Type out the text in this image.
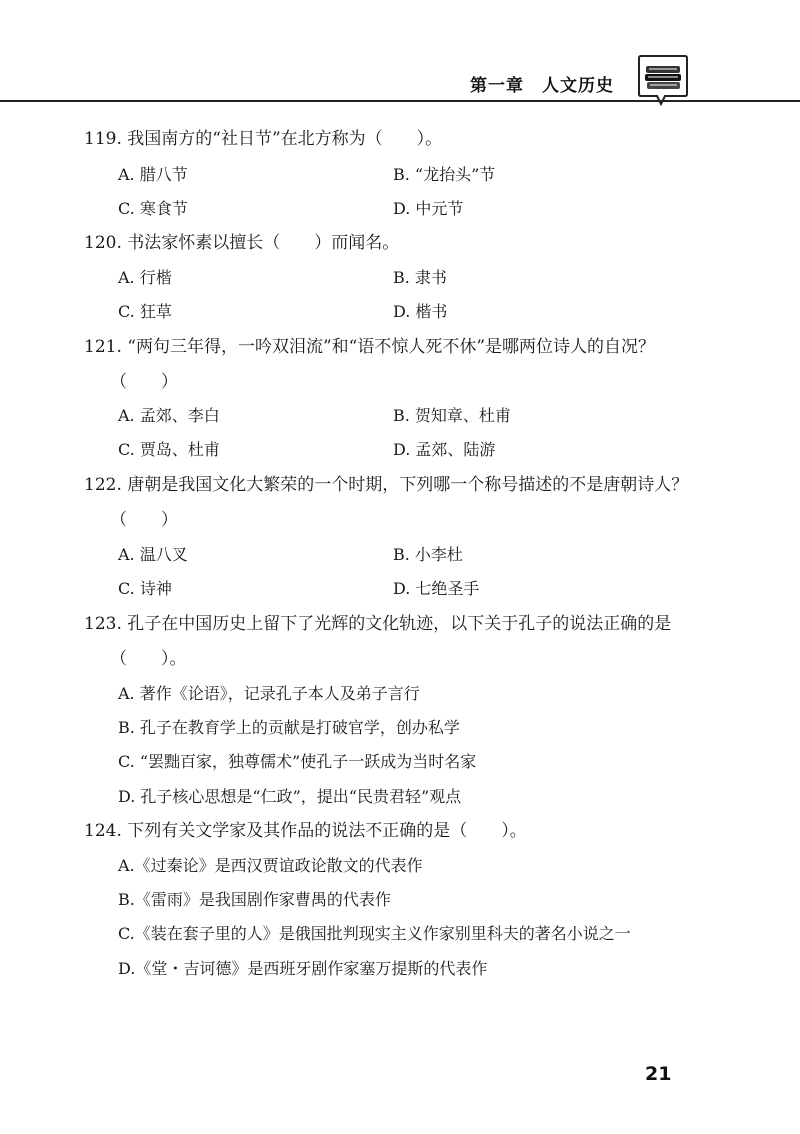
第一章　人文历史
119. 我国南方的“社日节”在北方称为（　　）。
A. 腊八节	B. “龙抬头”节
C. 寒食节	D. 中元节
120. 书法家怀素以擅长（　　）而闻名。
A. 行楷	B. 隶书
C. 狂草	D. 楷书
121. “两句三年得，一吟双泪流”和“语不惊人死不休”是哪两位诗人的自况？
（　　）
A. 孟郊、李白	B. 贺知章、杜甫
C. 贾岛、杜甫	D. 孟郊、陆游
122. 唐朝是我国文化大繁荣的一个时期，下列哪一个称号描述的不是唐朝诗人？
（　　）
A. 温八叉	B. 小李杜
C. 诗神	D. 七绝圣手
123. 孔子在中国历史上留下了光辉的文化轨迹，以下关于孔子的说法正确的是
（　　）。
A. 著作《论语》，记录孔子本人及弟子言行
B. 孔子在教育学上的贡献是打破官学，创办私学
C. “罢黜百家，独尊儒术”使孔子一跃成为当时名家
D. 孔子核心思想是“仁政”，提出“民贵君轻”观点
124. 下列有关文学家及其作品的说法不正确的是（　　）。
A.《过秦论》是西汉贾谊政论散文的代表作
B.《雷雨》是我国剧作家曹禺的代表作
C.《装在套子里的人》是俄国批判现实主义作家别里科夫的著名小说之一
D.《堂・吉诃德》是西班牙剧作家塞万提斯的代表作
21
